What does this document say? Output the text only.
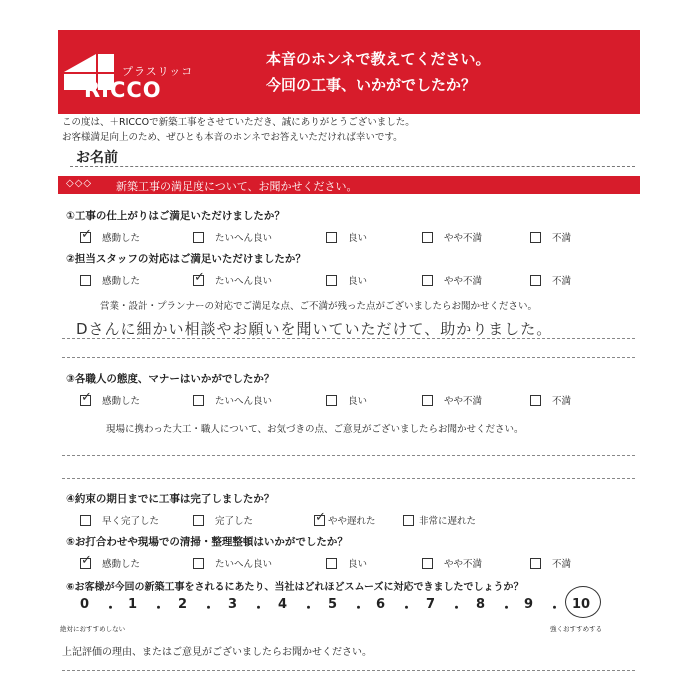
本音のホンネで教えてください。
今回の工事、いかがでしたか？
プラスリッコ
RICCO
この度は、＋RICCOで新築工事をさせていただき、誠にありがとうございました。
お客様満足向上のため、ぜひとも本音のホンネでお答えいただければ幸いです。
お名前
◇◇◇ 新築工事の満足度について、お聞かせください。
①工事の仕上がりはご満足いただけましたか？
✓ 感動した	たいへん良い	良い	やや不満	不満
②担当スタッフの対応はご満足いただけましたか？
感動した	✓ たいへん良い	良い	やや不満	不満
営業・設計・プランナーの対応でご満足な点、ご不満が残った点がございましたらお聞かせください。
Dさんに細かい相談やお願いを聞いていただけて、助かりました。
③各職人の態度、マナーはいかがでしたか？
✓ 感動した	たいへん良い	良い	やや不満	不満
現場に携わった大工・職人について、お気づきの点、ご意見がございましたらお聞かせください。
④約束の期日までに工事は完了しましたか？
早く完了した	完了した	✓ やや遅れた	非常に遅れた
⑤お打合わせや現場での清掃・整理整頓はいかがでしたか？
✓ 感動した	たいへん良い	良い	やや不満	不満
⑥お客様が今回の新築工事をされるにあたり、当社はどれほどスムーズに対応できましたでしょうか？
0 ・ 1 ・ 2 ・ 3 ・ 4 ・ 5 ・ 6 ・ 7 ・ 8 ・ 9 ・ 10
絶対におすすめしない	強くおすすめする
上記評価の理由、またはご意見がございましたらお聞かせください。
